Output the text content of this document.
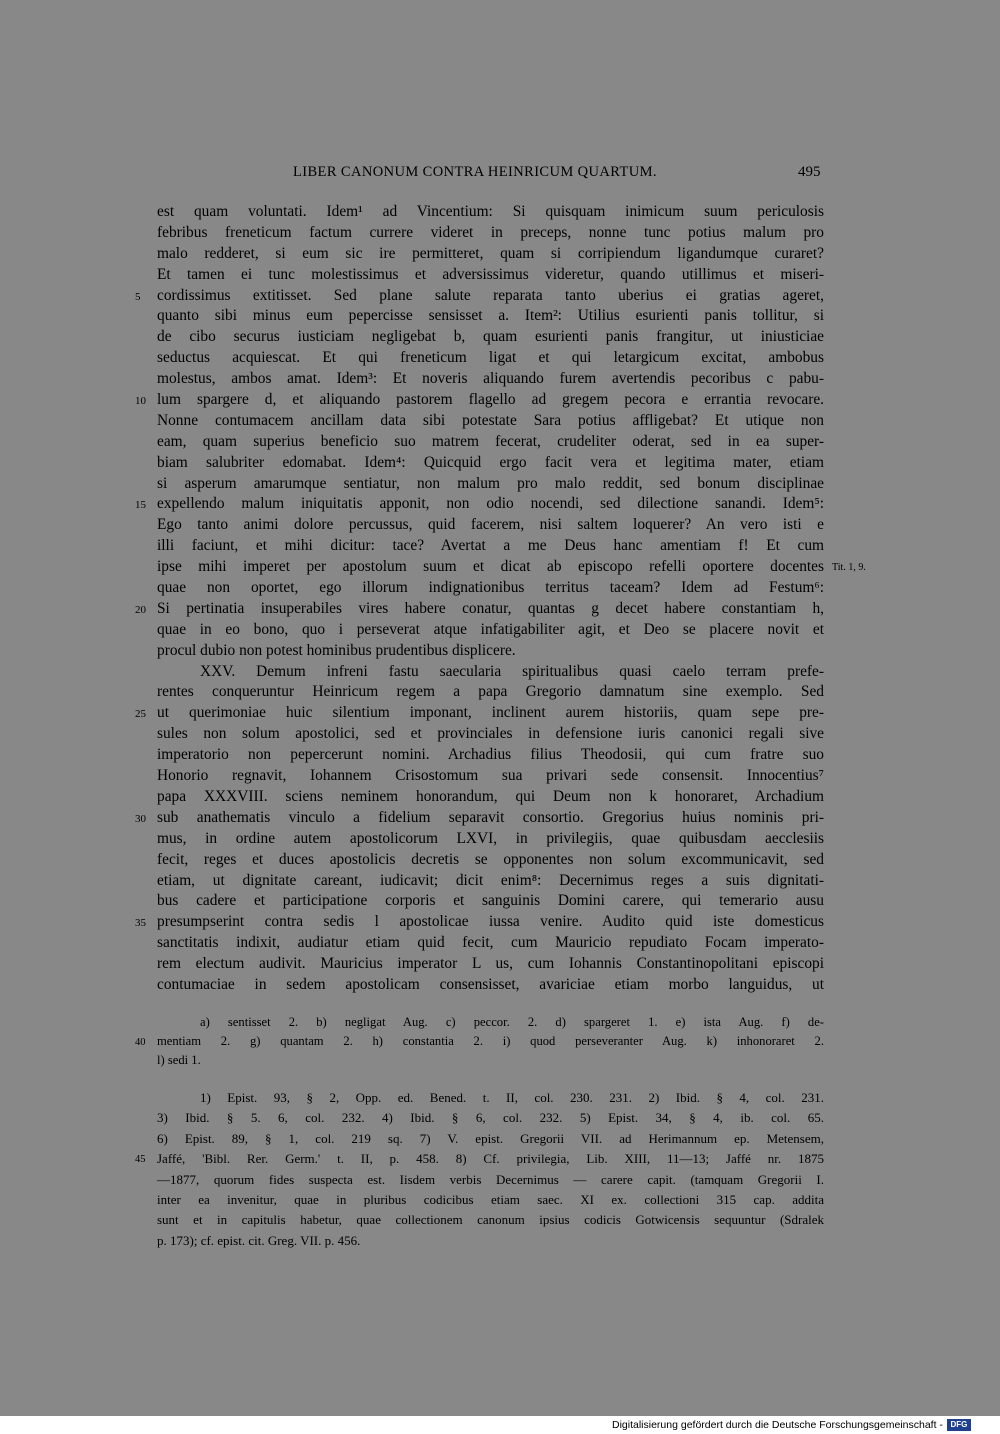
LIBER CANONUM CONTRA HEINRICUM QUARTUM.	495
est quam voluntati. Idem¹ ad Vincentium: Si quisquam inimicum suum periculosis
febribus freneticum factum currere videret in preceps, nonne tunc potius malum pro
malo redderet, si eum sic ire permitteret, quam si corripiendum ligandumque curaret?
Et tamen ei tunc molestissimus et adversissimus videretur, quando utillimus et miseri-
5	cordissimus extitisset. Sed plane salute reparata tanto uberius ei gratias ageret,
quanto sibi minus eum pepercisse sensisset a. Item²: Utilius esurienti panis tollitur, si
de cibo securus iusticiam negligebat b, quam esurienti panis frangitur, ut iniusticiae
seductus acquiescat. Et qui freneticum ligat et qui letargicum excitat, ambobus
molestus, ambos amat. Idem³: Et noveris aliquando furem avertendis pecoribus c pabu-
10 lum spargere d, et aliquando pastorem flagello ad gregem pecora e errantia revocare.
Nonne contumacem ancillam data sibi potestate Sara potius affligebat? Et utique non
eam, quam superius beneficio suo matrem fecerat, crudeliter oderat, sed in ea super-
biam salubriter edomabat. Idem⁴: Quicquid ergo facit vera et legitima mater, etiam
si asperum amarumque sentiatur, non malum pro malo reddit, sed bonum disciplinae
15 expellendo malum iniquitatis apponit, non odio nocendi, sed dilectione sanandi. Idem⁵:
Ego tanto animi dolore percussus, quid facerem, nisi saltem loquerer? An vero isti e
illi faciunt, et mihi dicitur: tace? Avertat a me Deus hanc amentiam f! Et cum
ipse mihi imperet per apostolum suum et dicat ab episcopo refelli oportere docentes Tit. 1, 9.
quae non oportet, ego illorum indignationibus territus taceam? Idem ad Festum⁶:
20 Si pertinatia insuperabiles vires habere conatur, quantas g decet habere constantiam h,
quae in eo bono, quo i perseverat atque infatigabiliter agit, et Deo se placere novit et
procul dubio non potest hominibus prudentibus displicere.
XXV. Demum infreni fastu saecularia spiritualibus quasi caelo terram prefe-
rentes conqueruntur Heinricum regem a papa Gregorio damnatum sine exemplo. Sed
25 ut querimoniae huic silentium imponant, inclinent aurem historiis, quam sepe pre-
sules non solum apostolici, sed et provinciales in defensione iuris canonici regali sive
imperatorio non pepercerunt nomini. Archadius filius Theodosii, qui cum fratre suo
Honorio regnavit, Iohannem Crisostomum sua privari sede consensit. Innocentius⁷
papa XXXVIII. sciens neminem honorandum, qui Deum non k honoraret, Archadium
30 sub anathematis vinculo a fidelium separavit consortio. Gregorius huius nominis pri-
mus, in ordine autem apostolicorum LXVI, in privilegiis, quae quibusdam aecclesiis
fecit, reges et duces apostolicis decretis se opponentes non solum excommunicavit, sed
etiam, ut dignitate careant, iudicavit; dicit enim⁸: Decernimus reges a suis dignitati-
bus cadere et participatione corporis et sanguinis Domini carere, qui temerario ausu
35 presumpserint contra sedis l apostolicae iussa venire. Audito quid iste domesticus
sanctitatis indixit, audiatur etiam quid fecit, cum Mauricio repudiato Focam imperato-
rem electum audivit. Mauricius imperator L us, cum Iohannis Constantinopolitani episcopi
contumaciae in sedem apostolicam consensisset, avariciae etiam morbo languidus, ut
a) sentisset 2. b) negligat Aug. c) peccor. 2. d) spargeret 1. e) ista Aug. f) de-
40 mentiam 2. g) quantam 2. h) constantia 2. i) quod perseveranter Aug. k) inhonoraret 2.
l) sedi 1.
1) Epist. 93, § 2, Opp. ed. Bened. t. II, col. 230. 231. 2) Ibid. § 4, col. 231.
3) Ibid. § 5. 6, col. 232. 4) Ibid. § 6, col. 232. 5) Epist. 34, § 4, ib. col. 65.
6) Epist. 89, § 1, col. 219 sq. 7) V. epist. Gregorii VII. ad Herimannum ep. Metensem,
45 Jaffé, 'Bibl. Rer. Germ.' t. II, p. 458. 8) Cf. privilegia, Lib. XIII, 11—13; Jaffé nr. 1875
—1877, quorum fides suspecta est. Iisdem verbis Decernimus — carere capit. (tamquam Gregorii I.
inter ea invenitur, quae in pluribus codicibus etiam saec. XI ex. collectioni 315 cap. addita
sunt et in capitulis habetur, quae collectionem canonum ipsius codicis Gotwicensis sequuntur (Sdralek
p. 173); cf. epist. cit. Greg. VII. p. 456.
Digitalisierung gefördert durch die Deutsche Forschungsgemeinschaft - DFG
